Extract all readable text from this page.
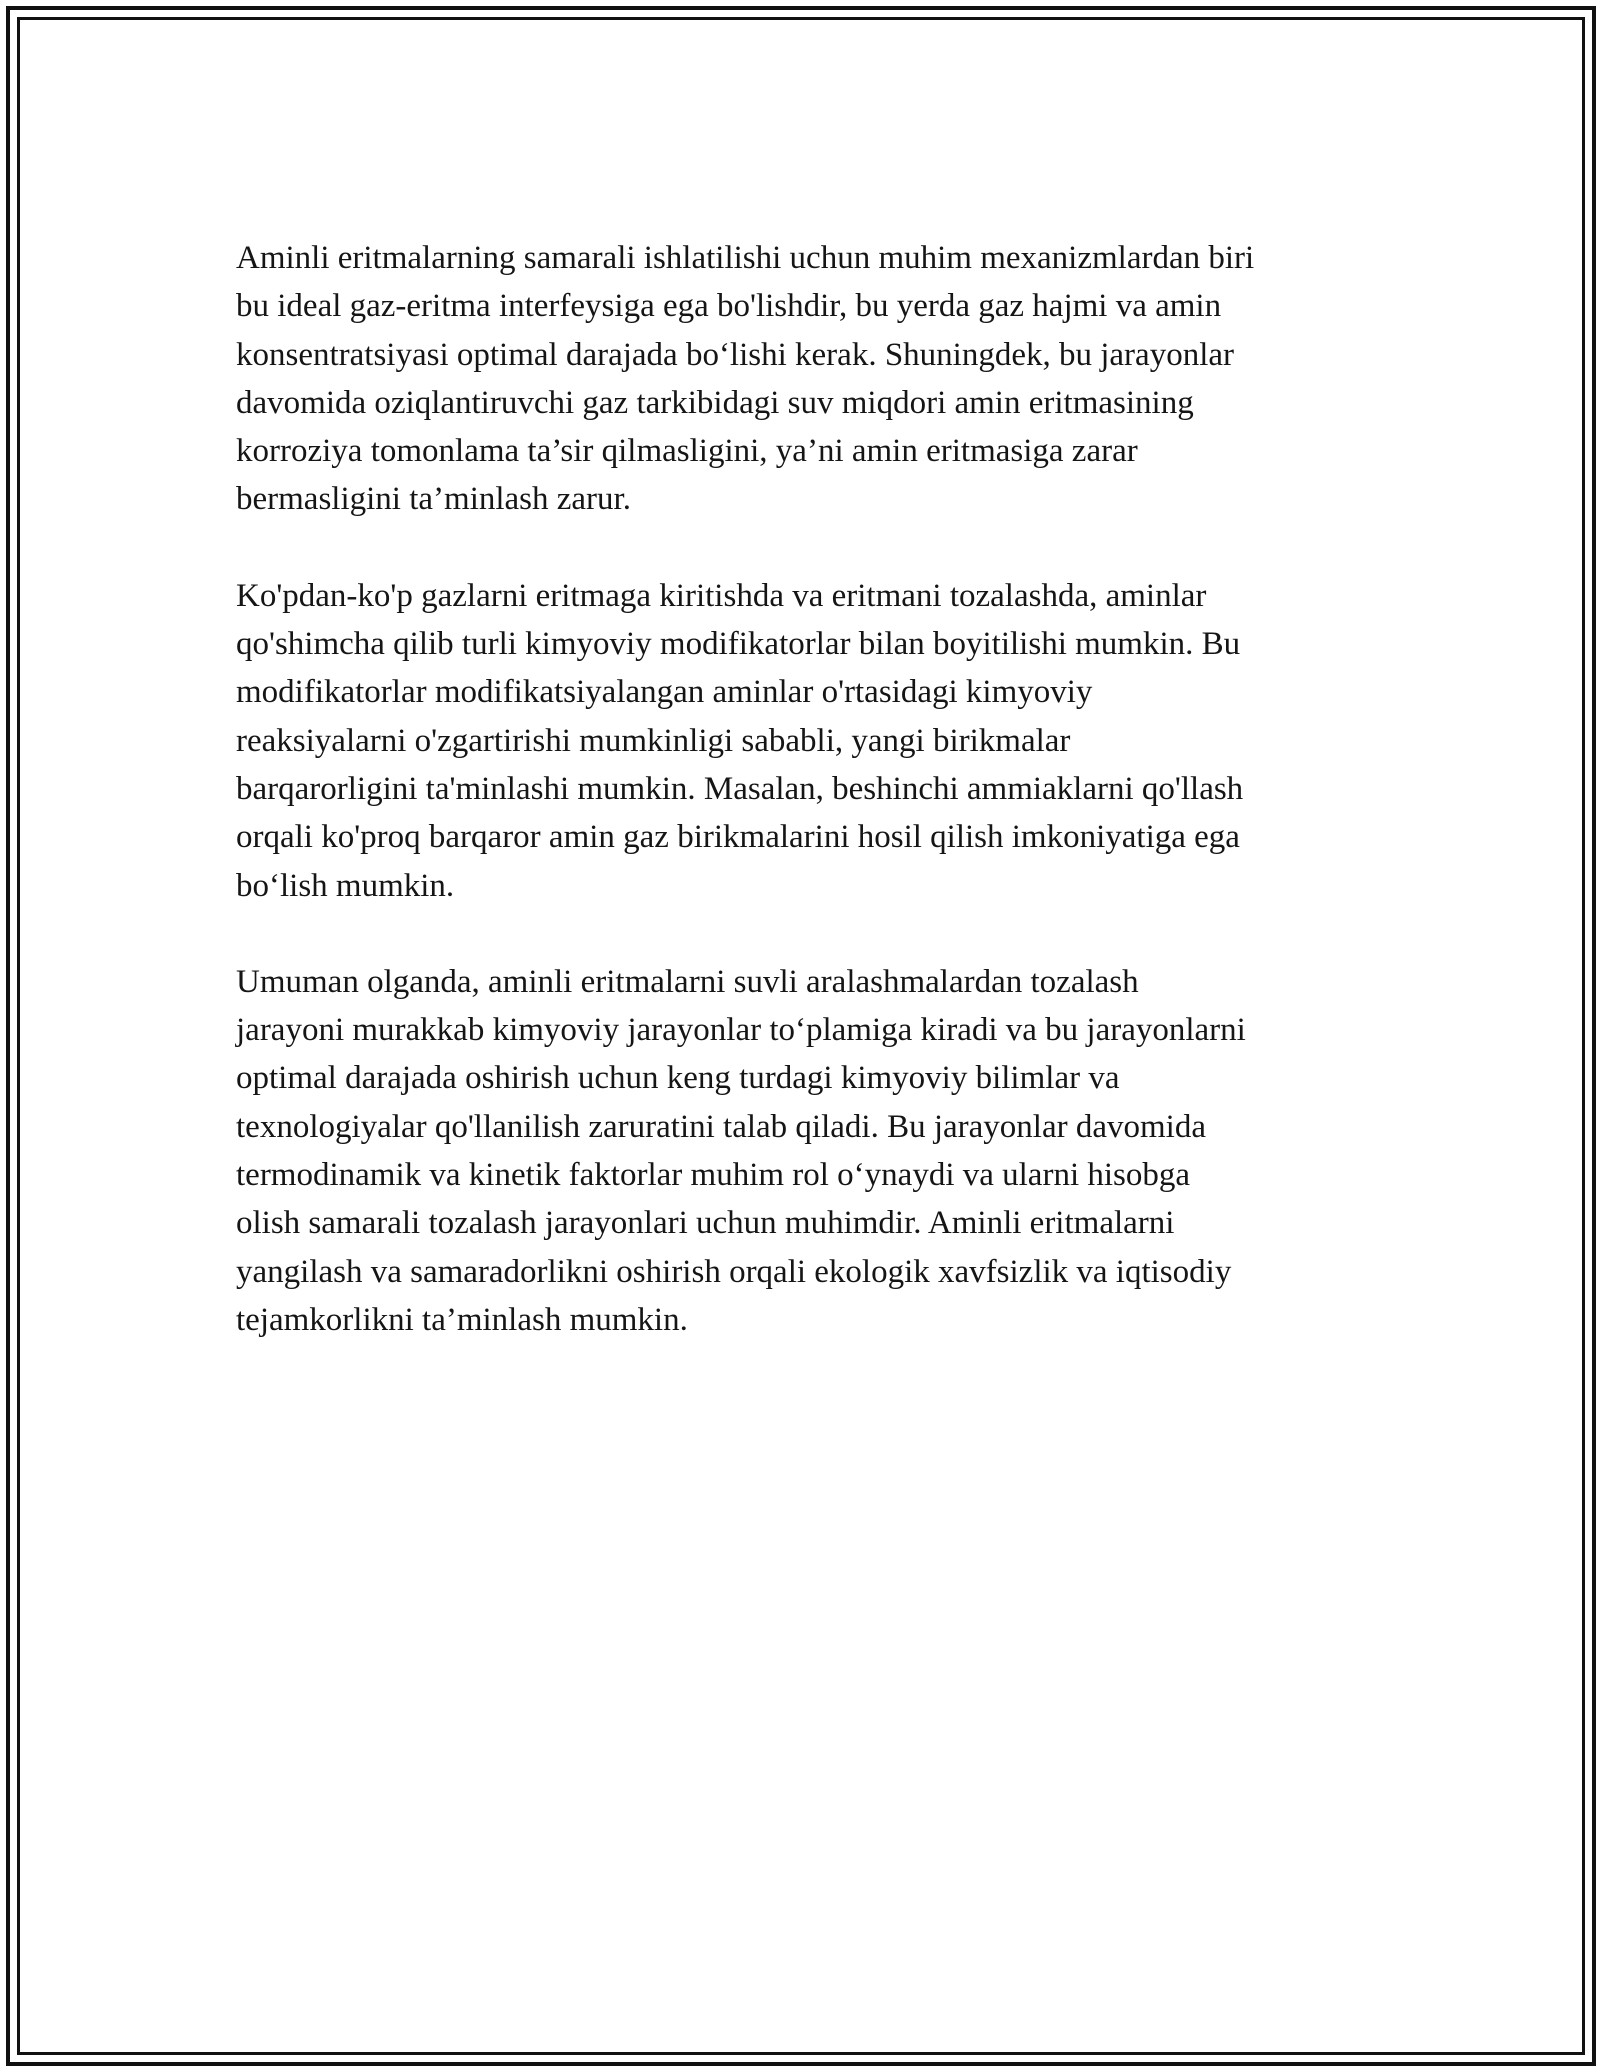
Aminli eritmalarning samarali ishlatilishi uchun muhim mexanizmlardan biri
bu ideal gaz-eritma interfeysiga ega bo'lishdir, bu yerda gaz hajmi va amin
konsentratsiyasi optimal darajada bo‘lishi kerak. Shuningdek, bu jarayonlar
davomida oziqlantiruvchi gaz tarkibidagi suv miqdori amin eritmasining
korroziya tomonlama ta’sir qilmasligini, ya’ni amin eritmasiga zarar
bermasligini ta’minlash zarur.

Ko'pdan-ko'p gazlarni eritmaga kiritishda va eritmani tozalashda, aminlar
qo'shimcha qilib turli kimyoviy modifikatorlar bilan boyitilishi mumkin. Bu
modifikatorlar modifikatsiyalangan aminlar o'rtasidagi kimyoviy
reaksiyalarni o'zgartirishi mumkinligi sababli, yangi birikmalar
barqarorligini ta'minlashi mumkin. Masalan, beshinchi ammiaklarni qo'llash
orqali ko'proq barqaror amin gaz birikmalarini hosil qilish imkoniyatiga ega
bo‘lish mumkin.

Umuman olganda, aminli eritmalarni suvli aralashmalardan tozalash
jarayoni murakkab kimyoviy jarayonlar to‘plamiga kiradi va bu jarayonlarni
optimal darajada oshirish uchun keng turdagi kimyoviy bilimlar va
texnologiyalar qo'llanilish zaruratini talab qiladi. Bu jarayonlar davomida
termodinamik va kinetik faktorlar muhim rol o‘ynaydi va ularni hisobga
olish samarali tozalash jarayonlari uchun muhimdir. Aminli eritmalarni
yangilash va samaradorlikni oshirish orqali ekologik xavfsizlik va iqtisodiy
tejamkorlikni ta’minlash mumkin.
